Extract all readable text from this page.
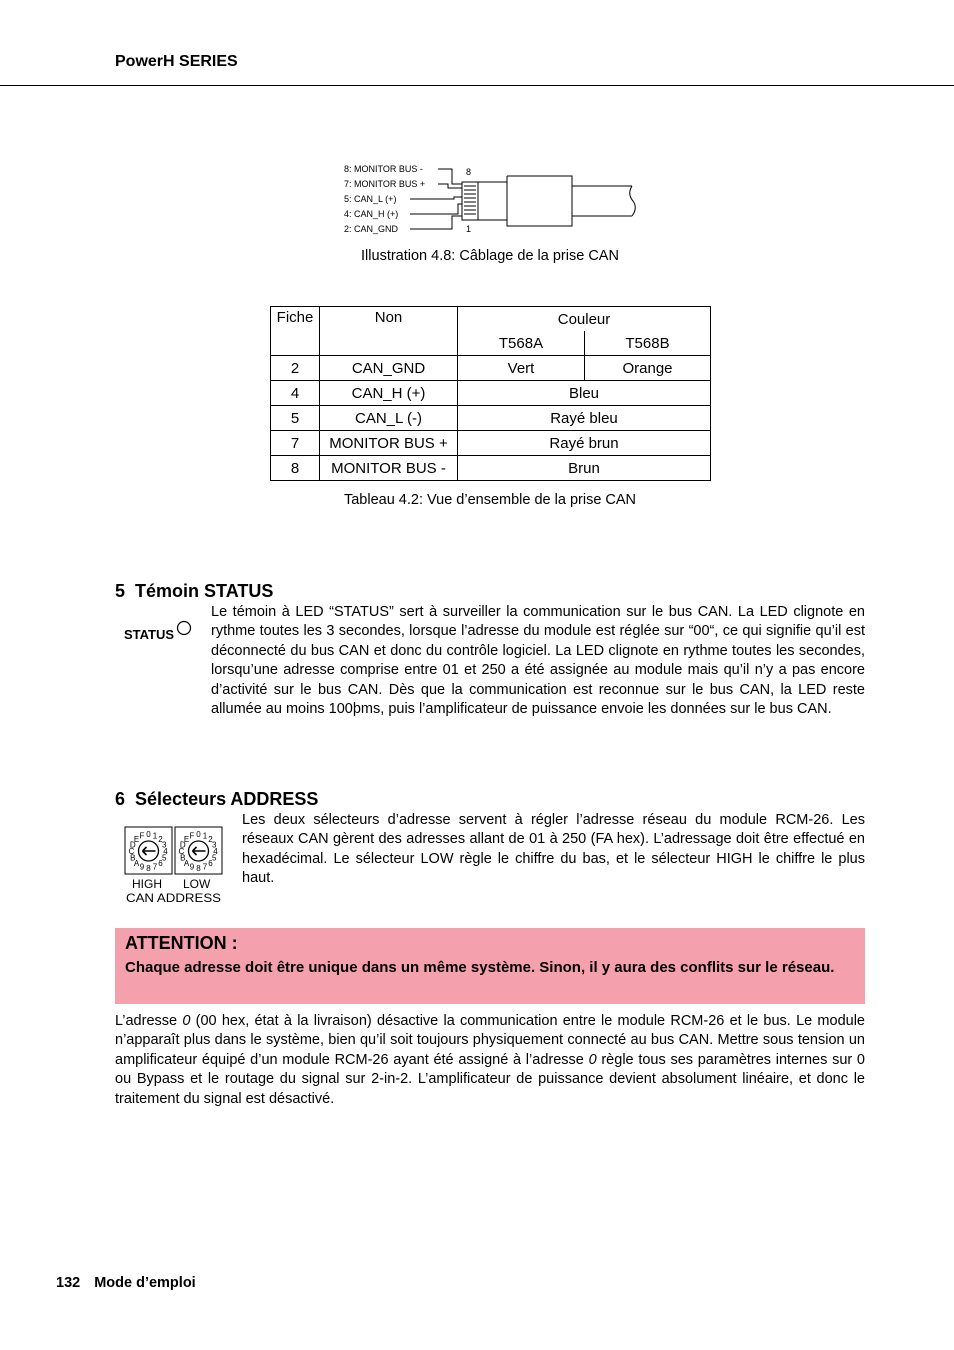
PowerH SERIES
8: MONITOR BUS -
7: MONITOR BUS +
5: CAN_L (+)
4: CAN_H (+)
2: CAN_GND
8
1
Illustration 4.8: Câblage de la prise CAN
Fiche	Non	Couleur	
		T568A	T568B
2	CAN_GND	Vert	Orange
4	CAN_H (+)	Bleu	
5	CAN_L (-)	Rayé bleu	
7	MONITOR BUS +	Rayé brun	
8	MONITOR BUS -	Brun	
Tableau 4.2: Vue d’ensemble de la prise CAN
5 Témoin STATUS
STATUS
Le témoin à LED “STATUS” sert à surveiller la communication sur le bus CAN. La LED clignote en rythme toutes les 3 secondes, lorsque l’adresse du module est réglée sur “00“, ce qui signifie qu’il est déconnecté du bus CAN et donc du contrôle logiciel. La LED clignote en rythme toutes les secondes, lorsqu’une adresse comprise entre 01 et 250 a été assignée au module mais qu’il n’y a pas encore d’activité sur le bus CAN. Dès que la communication est reconnue sur le bus CAN, la LED reste allumée au moins 100þms, puis l’amplificateur de puissance envoie les données sur le bus CAN.
6 Sélecteurs ADDRESS
0 1 2
3
4
5
6
7
8
9
A
B
C
D
E F	0 1 2
3
4
5
6
7
8
9
A
B
C
D
E F
HIGH LOW
CAN ADDRESS
Les deux sélecteurs d’adresse servent à régler l’adresse réseau du module RCM-26. Les réseaux CAN gèrent des adresses allant de 01 à 250 (FA hex). L’adressage doit être effectué en hexadécimal. Le sélecteur LOW règle le chiffre du bas, et le sélecteur HIGH le chiffre le plus haut.
ATTENTION :
Chaque adresse doit être unique dans un même système. Sinon, il y aura des conflits sur le réseau.
L’adresse 0 (00 hex, état à la livraison) désactive la communication entre le module RCM-26 et le bus. Le module n’apparaît plus dans le système, bien qu’il soit toujours physiquement connecté au bus CAN. Mettre sous tension un amplificateur équipé d’un module RCM-26 ayant été assigné à l’adresse 0 règle tous ses paramètres internes sur 0 ou Bypass et le routage du signal sur 2-in-2. L’amplificateur de puissance devient absolument linéaire, et donc le traitement du signal est désactivé.
132 Mode d’emploi
